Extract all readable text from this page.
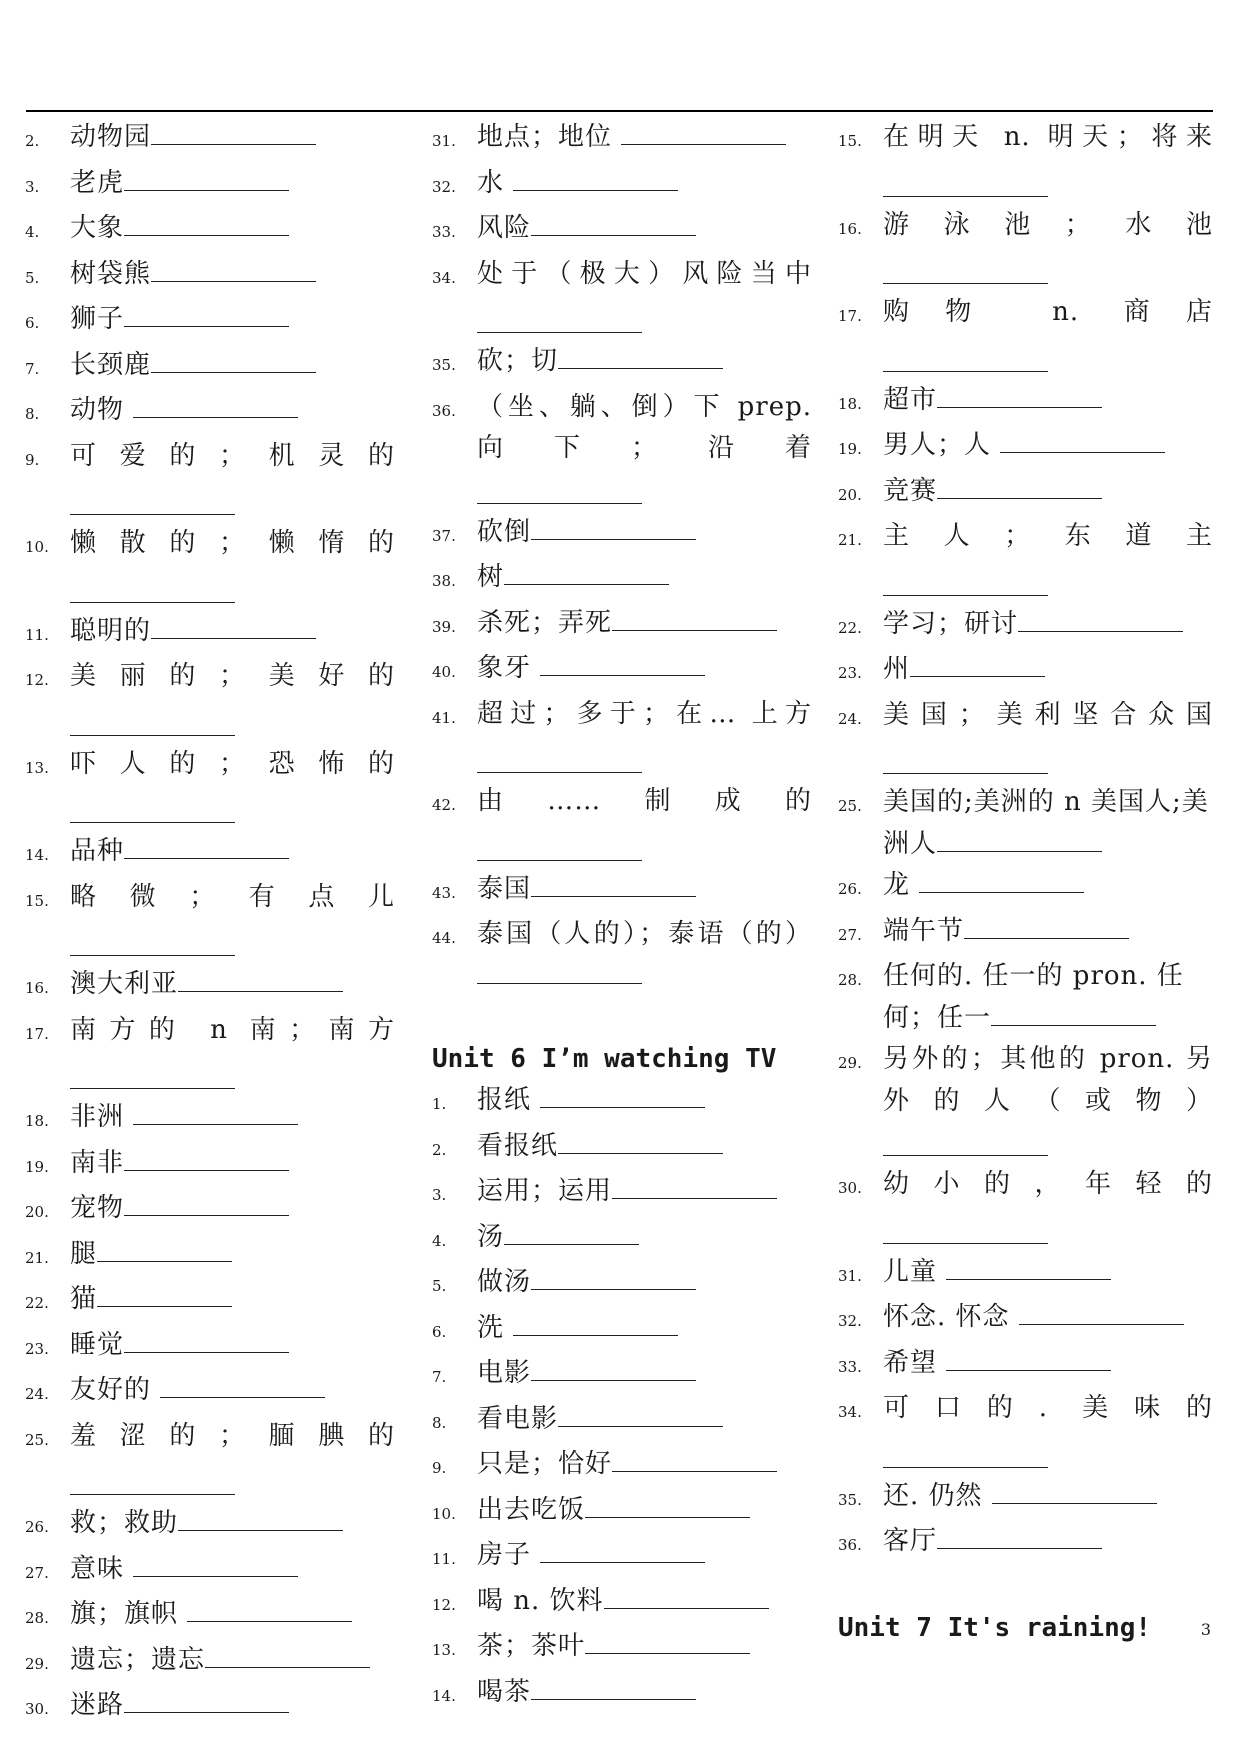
2.	动物园
3.	老虎
4.	大象
5.	树袋熊
6.	狮子
7.	长颈鹿
8.	动物
9.	可爱的；机灵的
10. 懒散的；懒惰的
11. 聪明的
12. 美丽的；美好的
13. 吓人的；恐怖的
14. 品种
15. 略微；有点儿
16. 澳大利亚
17. 南方的 n 南；南方
18. 非洲
19. 南非
20. 宠物
21. 腿
22. 猫
23. 睡觉
24. 友好的
25. 羞涩的；腼腆的
26. 救；救助
27. 意味
28. 旗；旗帜
29. 遗忘；遗忘
30. 迷路
31. 地点；地位
32. 水
33. 风险
34. 处于（极大）风险当中
35. 砍；切
36. （坐、躺、倒）下 prep. 向下；沿着
37. 砍倒
38. 树
39. 杀死；弄死
40. 象牙
41. 超过；多于；在… 上方
42. 由……制成的
43. 泰国
44. 泰国（人的）；泰语（的）
Unit 6 I’m watching TV
1.	报纸
2.	看报纸
3.	运用；运用
4.	汤
5.	做汤
6.	洗
7.	电影
8.	看电影
9.	只是；恰好
10. 出去吃饭
11. 房子
12. 喝 n. 饮料
13. 茶；茶叶
14. 喝茶
15. 在明天 n. 明天；将来
16. 游泳池；水池
17. 购物 n. 商店
18. 超市
19. 男人；人
20. 竞赛
21. 主人；东道主
22. 学习；研讨
23. 州
24. 美国；美利坚合众国
25. 美国的;美洲的 n 美国人;美洲人
26. 龙
27. 端午节
28. 任何的. 任一的 pron. 任何；任一
29. 另外的；其他的 pron. 另外的人（或物）
30. 幼小的，年轻的
31. 儿童
32. 怀念. 怀念
33. 希望
34. 可口的. 美味的
35. 还. 仍然
36. 客厅
Unit 7 It's raining!	3
